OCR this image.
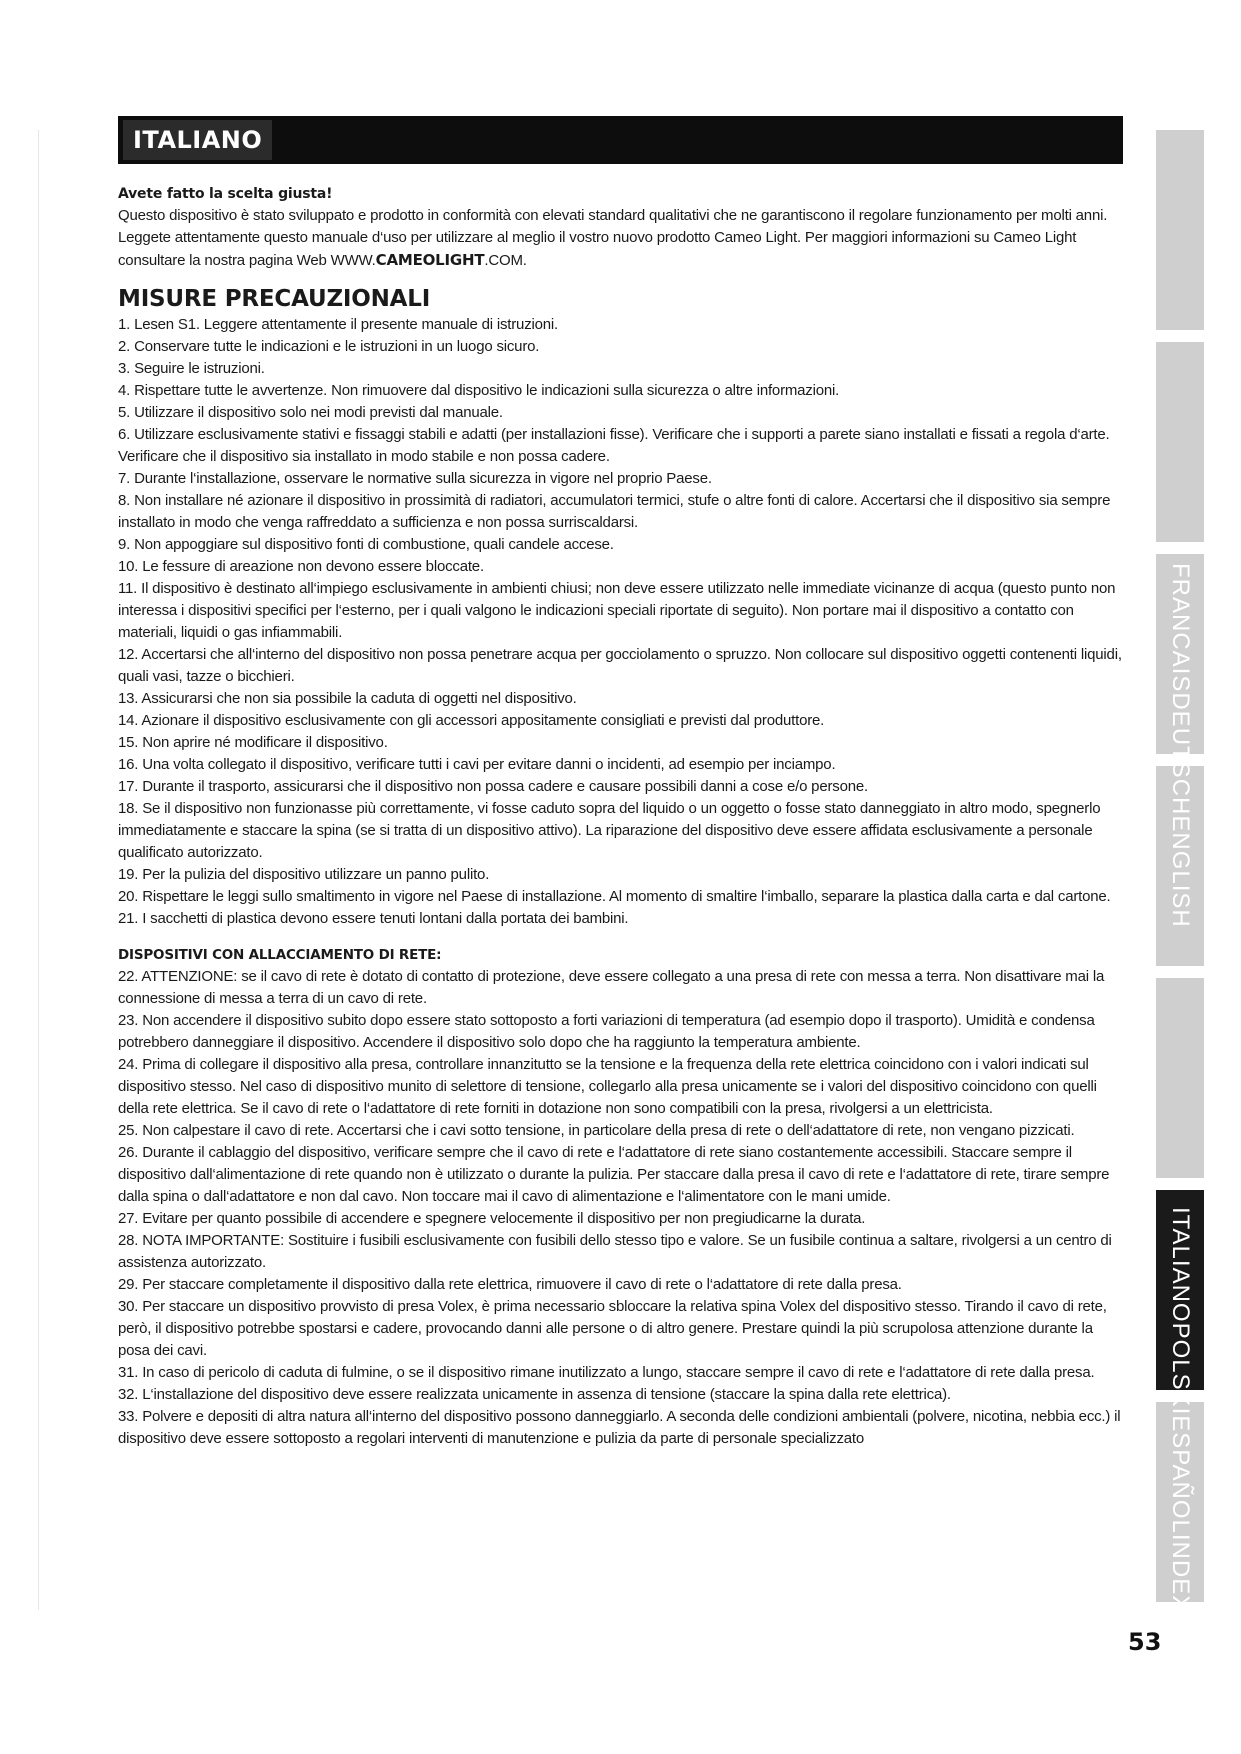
ITALIANO
FRANCAISDEUTSCHENGLISH
ITALIANOPOLSKIESPAÑOLINDEX

Avete fatto la scelta giusta!

Questo dispositivo è stato sviluppato e prodotto in conformità con elevati standard qualitativi che ne garantiscono il regolare funzionamento per molti anni. Leggete attentamente questo manuale d‘uso per utilizzare al meglio il vostro nuovo prodotto Cameo Light. Per maggiori informazioni su Cameo Light consultare la nostra pagina Web WWW.CAMEOLIGHT.COM.

MISURE PRECAUZIONALI
1. Lesen S1. Leggere attentamente il presente manuale di istruzioni.
2. Conservare tutte le indicazioni e le istruzioni in un luogo sicuro.
3. Seguire le istruzioni.
4. Rispettare tutte le avvertenze. Non rimuovere dal dispositivo le indicazioni sulla sicurezza o altre informazioni.
5. Utilizzare il dispositivo solo nei modi previsti dal manuale.
6. Utilizzare esclusivamente stativi e fissaggi stabili e adatti (per installazioni fisse). Verificare che i supporti a parete siano installati e fissati a regola d‘arte. Verificare che il dispositivo sia installato in modo stabile e non possa cadere.
7. Durante l‘installazione, osservare le normative sulla sicurezza in vigore nel proprio Paese.
8. Non installare né azionare il dispositivo in prossimità di radiatori, accumulatori termici, stufe o altre fonti di calore. Accertarsi che il dispositivo sia sempre installato in modo che venga raffreddato a sufficienza e non possa surriscaldarsi.
9. Non appoggiare sul dispositivo fonti di combustione, quali candele accese.
10. Le fessure di areazione non devono essere bloccate.
11. Il dispositivo è destinato all‘impiego esclusivamente in ambienti chiusi; non deve essere utilizzato nelle immediate vicinanze di acqua (questo punto non interessa i dispositivi specifici per l‘esterno, per i quali valgono le indicazioni speciali riportate di seguito). Non portare mai il dispositivo a contatto con materiali, liquidi o gas infiammabili.
12. Accertarsi che all‘interno del dispositivo non possa penetrare acqua per gocciolamento o spruzzo. Non collocare sul dispositivo oggetti contenenti liquidi, quali vasi, tazze o bicchieri.
13. Assicurarsi che non sia possibile la caduta di oggetti nel dispositivo.
14. Azionare il dispositivo esclusivamente con gli accessori appositamente consigliati e previsti dal produttore.
15. Non aprire né modificare il dispositivo.
16. Una volta collegato il dispositivo, verificare tutti i cavi per evitare danni o incidenti, ad esempio per inciampo.
17. Durante il trasporto, assicurarsi che il dispositivo non possa cadere e causare possibili danni a cose e/o persone.
18. Se il dispositivo non funzionasse più correttamente, vi fosse caduto sopra del liquido o un oggetto o fosse stato danneggiato in altro modo, spegnerlo immediatamente e staccare la spina (se si tratta di un dispositivo attivo). La riparazione del dispositivo deve essere affidata esclusivamente a personale qualificato autorizzato.
19. Per la pulizia del dispositivo utilizzare un panno pulito.
20. Rispettare le leggi sullo smaltimento in vigore nel Paese di installazione. Al momento di smaltire l‘imballo, separare la plastica dalla carta e dal cartone.
21. I sacchetti di plastica devono essere tenuti lontani dalla portata dei bambini.

DISPOSITIVI CON ALLACCIAMENTO DI RETE:

22. ATTENZIONE: se il cavo di rete è dotato di contatto di protezione, deve essere collegato a una presa di rete con messa a terra. Non disattivare mai la connessione di messa a terra di un cavo di rete.
23. Non accendere il dispositivo subito dopo essere stato sottoposto a forti variazioni di temperatura (ad esempio dopo il trasporto). Umidità e condensa potrebbero danneggiare il dispositivo. Accendere il dispositivo solo dopo che ha raggiunto la temperatura ambiente.
24. Prima di collegare il dispositivo alla presa, controllare innanzitutto se la tensione e la frequenza della rete elettrica coincidono con i valori indicati sul dispositivo stesso. Nel caso di dispositivo munito di selettore di tensione, collegarlo alla presa unicamente se i valori del dispositivo coincidono con quelli della rete elettrica. Se il cavo di rete o l‘adattatore di rete forniti in dotazione non sono compatibili con la presa, rivolgersi a un elettricista.
25. Non calpestare il cavo di rete. Accertarsi che i cavi sotto tensione, in particolare della presa di rete o dell‘adattatore di rete, non vengano pizzicati.
26. Durante il cablaggio del dispositivo, verificare sempre che il cavo di rete e l‘adattatore di rete siano costantemente accessibili. Staccare sempre il dispositivo dall‘alimentazione di rete quando non è utilizzato o durante la pulizia. Per staccare dalla presa il cavo di rete e l‘adattatore di rete, tirare sempre dalla spina o dall‘adattatore e non dal cavo. Non toccare mai il cavo di alimentazione e l‘alimentatore con le mani umide.
27. Evitare per quanto possibile di accendere e spegnere velocemente il dispositivo per non pregiudicarne la durata.
28. NOTA IMPORTANTE: Sostituire i fusibili esclusivamente con fusibili dello stesso tipo e valore. Se un fusibile continua a saltare, rivolgersi a un centro di assistenza autorizzato.
29. Per staccare completamente il dispositivo dalla rete elettrica, rimuovere il cavo di rete o l‘adattatore di rete dalla presa.
30. Per staccare un dispositivo provvisto di presa Volex, è prima necessario sbloccare la relativa spina Volex del dispositivo stesso. Tirando il cavo di rete, però, il dispositivo potrebbe spostarsi e cadere, provocando danni alle persone o di altro genere. Prestare quindi la più scrupolosa attenzione durante la posa dei cavi.
31. In caso di pericolo di caduta di fulmine, o se il dispositivo rimane inutilizzato a lungo, staccare sempre il cavo di rete e l‘adattatore di rete dalla presa.
32. L‘installazione del dispositivo deve essere realizzata unicamente in assenza di tensione (staccare la spina dalla rete elettrica).
33. Polvere e depositi di altra natura all‘interno del dispositivo possono danneggiarlo. A seconda delle condizioni ambientali (polvere, nicotina, nebbia ecc.) il dispositivo deve essere sottoposto a regolari interventi di manutenzione e pulizia da parte di personale specializzato
53
